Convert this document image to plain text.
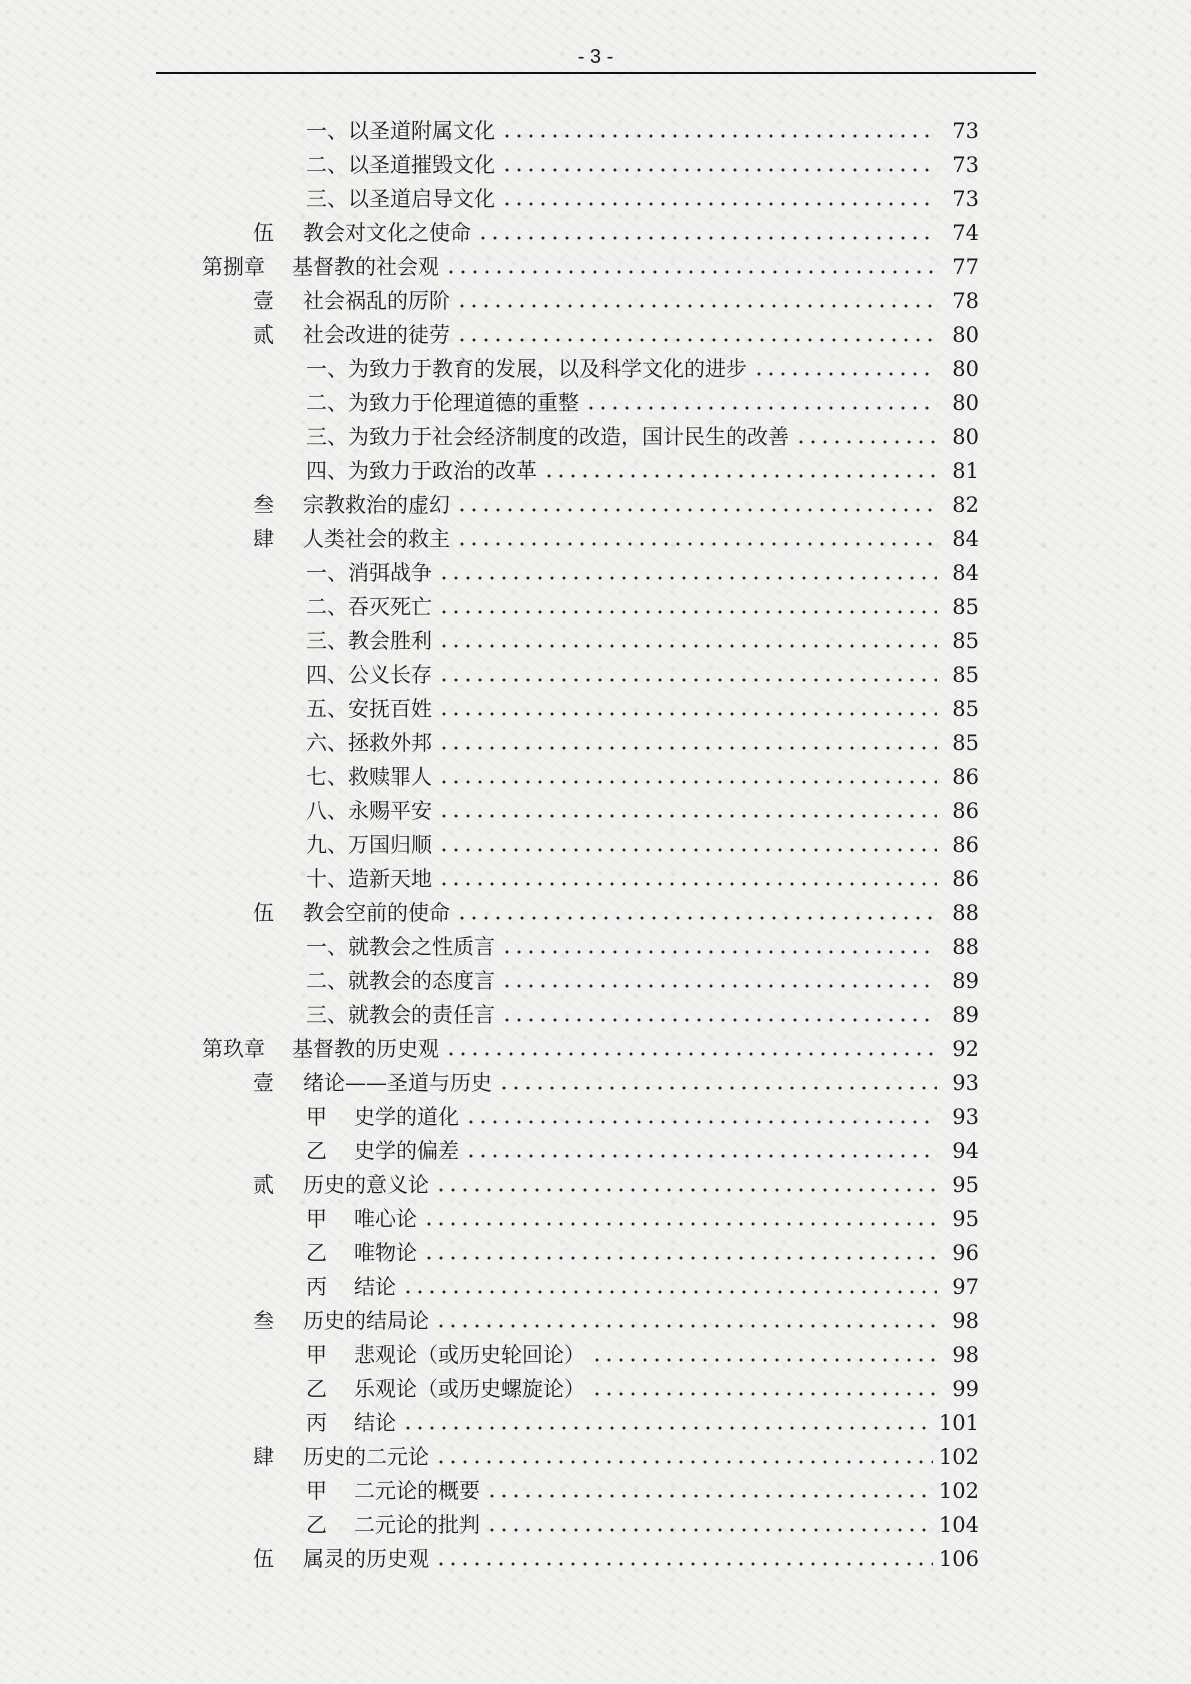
- 3 -
一、以圣道附属文化	73
二、以圣道摧毁文化	73
三、以圣道启导文化	73
伍	教会对文化之使命	74
第捌章	基督教的社会观	77
壹	社会祸乱的厉阶	78
贰	社会改进的徒劳	80
一、为致力于教育的发展，以及科学文化的进步	80
二、为致力于伦理道德的重整	80
三、为致力于社会经济制度的改造，国计民生的改善	80
四、为致力于政治的改革	81
叁	宗教救治的虚幻	82
肆	人类社会的救主	84
一、消弭战争	84
二、吞灭死亡	85
三、教会胜利	85
四、公义长存	85
五、安抚百姓	85
六、拯救外邦	85
七、救赎罪人	86
八、永赐平安	86
九、万国归顺	86
十、造新天地	86
伍	教会空前的使命	88
一、就教会之性质言	88
二、就教会的态度言	89
三、就教会的责任言	89
第玖章	基督教的历史观	92
壹	绪论——圣道与历史	93
甲	史学的道化	93
乙	史学的偏差	94
贰	历史的意义论	95
甲	唯心论	95
乙	唯物论	96
丙	结论	97
叁	历史的结局论	98
甲	悲观论（或历史轮回论）	98
乙	乐观论（或历史螺旋论）	99
丙	结论	101
肆	历史的二元论	102
甲	二元论的概要	102
乙	二元论的批判	104
伍	属灵的历史观	106
